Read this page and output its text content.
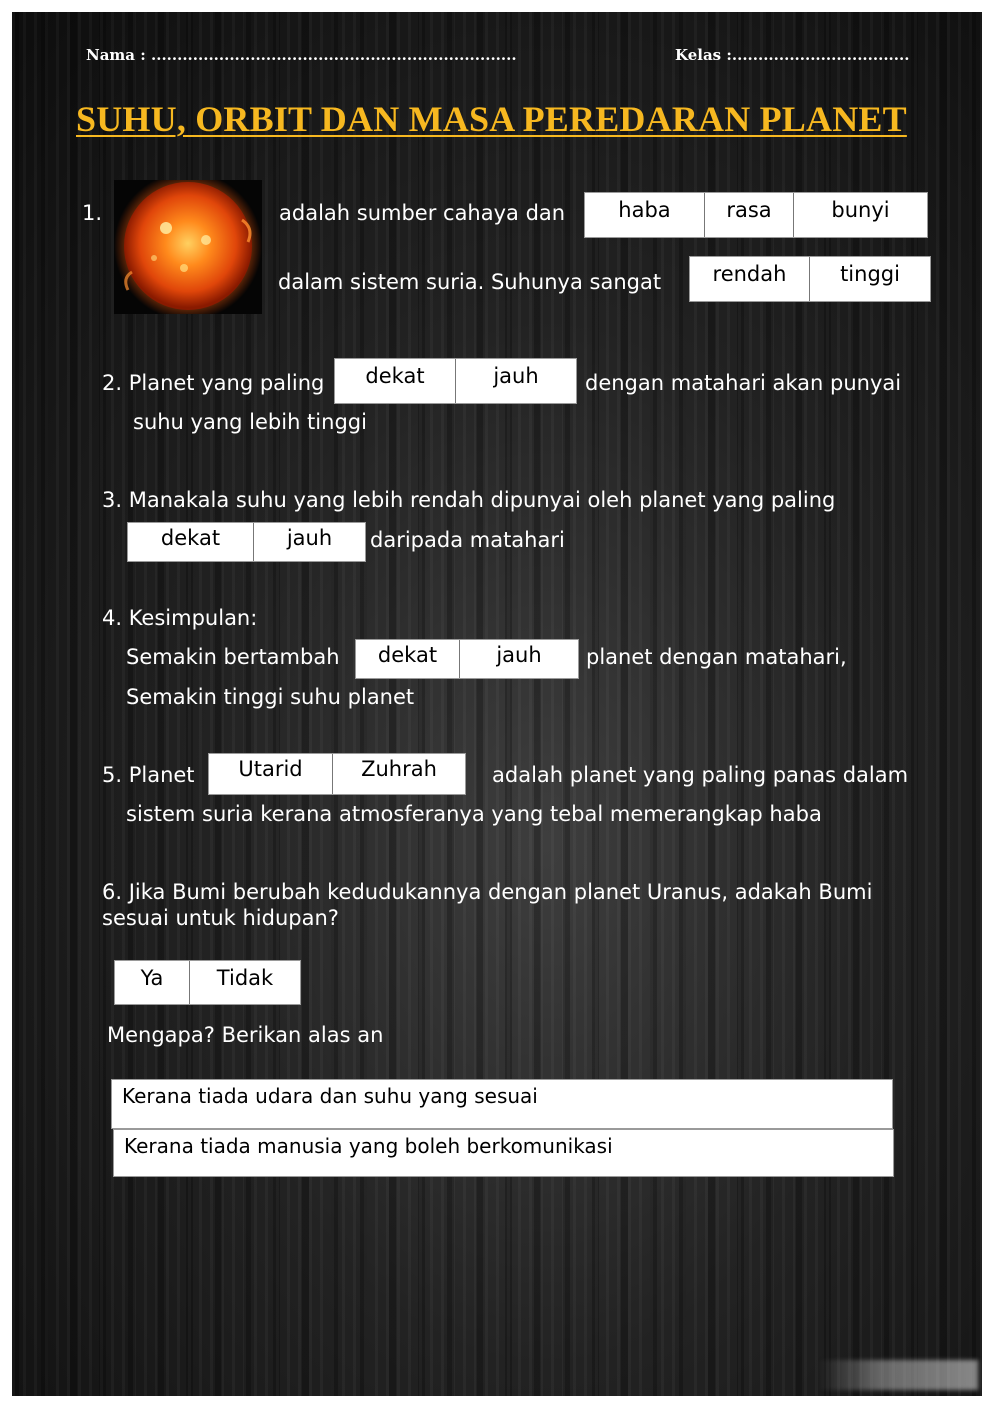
Nama : ......................................................................	Kelas :..................................
SUHU, ORBIT DAN MASA PEREDARAN PLANET
1.	adalah sumber cahaya dan	haba	rasa	bunyi
dalam sistem suria. Suhunya sangat	rendah	tinggi
2. Planet yang paling	dekat	jauh	dengan matahari akan punyai
suhu yang lebih tinggi
3. Manakala suhu yang lebih rendah dipunyai oleh planet yang paling
dekat	jauh	daripada matahari
4. Kesimpulan:
Semakin bertambah	dekat	jauh	planet dengan matahari,
Semakin tinggi suhu planet
5. Planet	Utarid	Zuhrah	adalah planet yang paling panas dalam
sistem suria kerana atmosferanya yang tebal memerangkap haba
6. Jika Bumi berubah kedudukannya dengan planet Uranus, adakah Bumi
sesuai untuk hidupan?
Ya	Tidak
Mengapa? Berikan alas an
Kerana tiada udara dan suhu yang sesuai
Kerana tiada manusia yang boleh berkomunikasi
